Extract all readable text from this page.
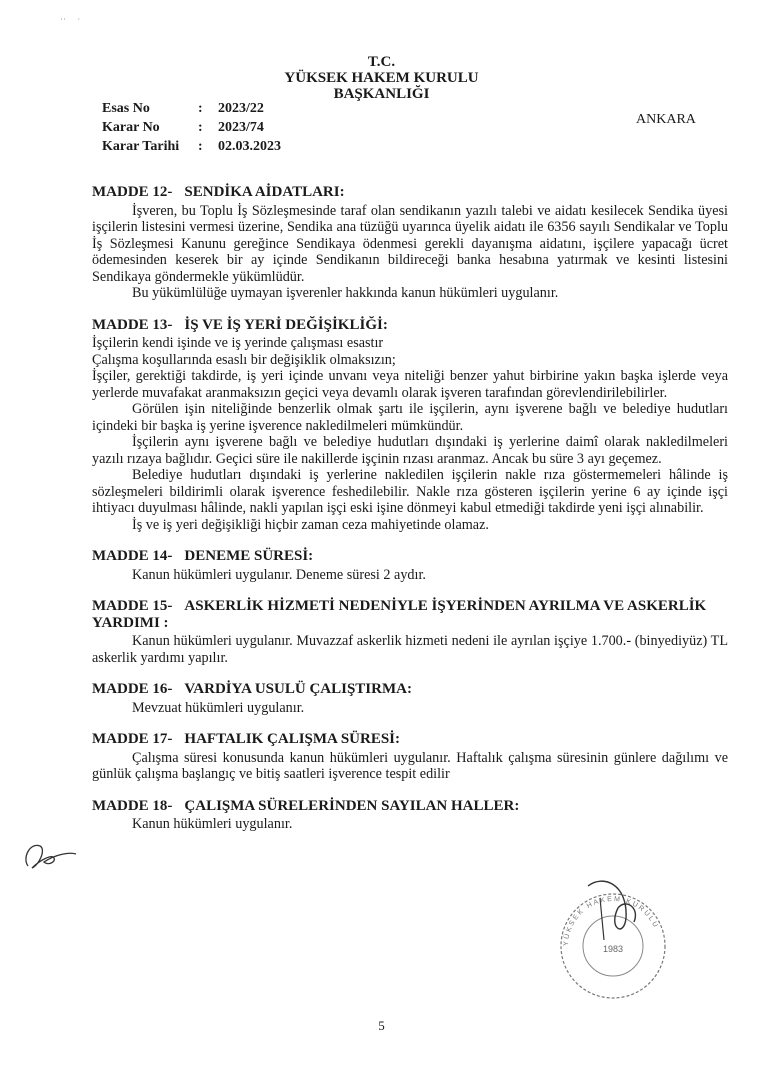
··     ·
T.C.
YÜKSEK HAKEM KURULU
BAŞKANLIĞI
Esas No	:	2023/22
Karar No	:	2023/74
Karar Tarihi	:	02.03.2023
ANKARA
MADDE 12- SENDİKA AİDATLARI:
İşveren, bu Toplu İş Sözleşmesinde taraf olan sendikanın yazılı talebi ve aidatı kesilecek Sendika üyesi işçilerin listesini vermesi üzerine, Sendika ana tüzüğü uyarınca üyelik aidatı ile 6356 sayılı Sendikalar ve Toplu İş Sözleşmesi Kanunu gereğince Sendikaya ödenmesi gerekli dayanışma aidatını, işçilere yapacağı ücret ödemesinden keserek bir ay içinde Sendikanın bildireceği banka hesabına yatırmak ve kesinti listesini Sendikaya göndermekle yükümlüdür.
Bu yükümlülüğe uymayan işverenler hakkında kanun hükümleri uygulanır.
MADDE 13- İŞ VE İŞ YERİ DEĞİŞİKLİĞİ:
İşçilerin kendi işinde ve iş yerinde çalışması esastır
Çalışma koşullarında esaslı bir değişiklik olmaksızın;
İşçiler, gerektiği takdirde, iş yeri içinde unvanı veya niteliği benzer yahut birbirine yakın başka işlerde veya yerlerde muvafakat aranmaksızın geçici veya devamlı olarak işveren tarafından görevlendirilebilirler.
Görülen işin niteliğinde benzerlik olmak şartı ile işçilerin, aynı işverene bağlı ve belediye hudutları içindeki bir başka iş yerine işverence nakledilmeleri mümkündür.
İşçilerin aynı işverene bağlı ve belediye hudutları dışındaki iş yerlerine daimî olarak nakledilmeleri yazılı rızaya bağlıdır. Geçici süre ile nakillerde işçinin rızası aranmaz. Ancak bu süre 3 ayı geçemez.
Belediye hudutları dışındaki iş yerlerine nakledilen işçilerin nakle rıza göstermemeleri hâlinde iş sözleşmeleri bildirimli olarak işverence feshedilebilir. Nakle rıza gösteren işçilerin yerine 6 ay içinde işçi ihtiyacı duyulması hâlinde, nakli yapılan işçi eski işine dönmeyi kabul etmediği takdirde yeni işçi alınabilir.
İş ve iş yeri değişikliği hiçbir zaman ceza mahiyetinde olamaz.
MADDE 14- DENEME SÜRESİ:
Kanun hükümleri uygulanır. Deneme süresi 2 aydır.
MADDE 15- ASKERLİK HİZMETİ NEDENİYLE İŞYERİNDEN AYRILMA VE ASKERLİK YARDIMI :
Kanun hükümleri uygulanır. Muvazzaf askerlik hizmeti nedeni ile ayrılan işçiye 1.700.- (binyediyüz) TL askerlik yardımı yapılır.
MADDE 16- VARDİYA USULÜ ÇALIŞTIRMA:
Mevzuat hükümleri uygulanır.
MADDE 17- HAFTALIK ÇALIŞMA SÜRESİ:
Çalışma süresi konusunda kanun hükümleri uygulanır. Haftalık çalışma süresinin günlere dağılımı ve günlük çalışma başlangıç ve bitiş saatleri işverence tespit edilir
MADDE 18- ÇALIŞMA SÜRELERİNDEN SAYILAN HALLER:
Kanun hükümleri uygulanır.
1983
YÜKSEK HAKEM KURULU
5
